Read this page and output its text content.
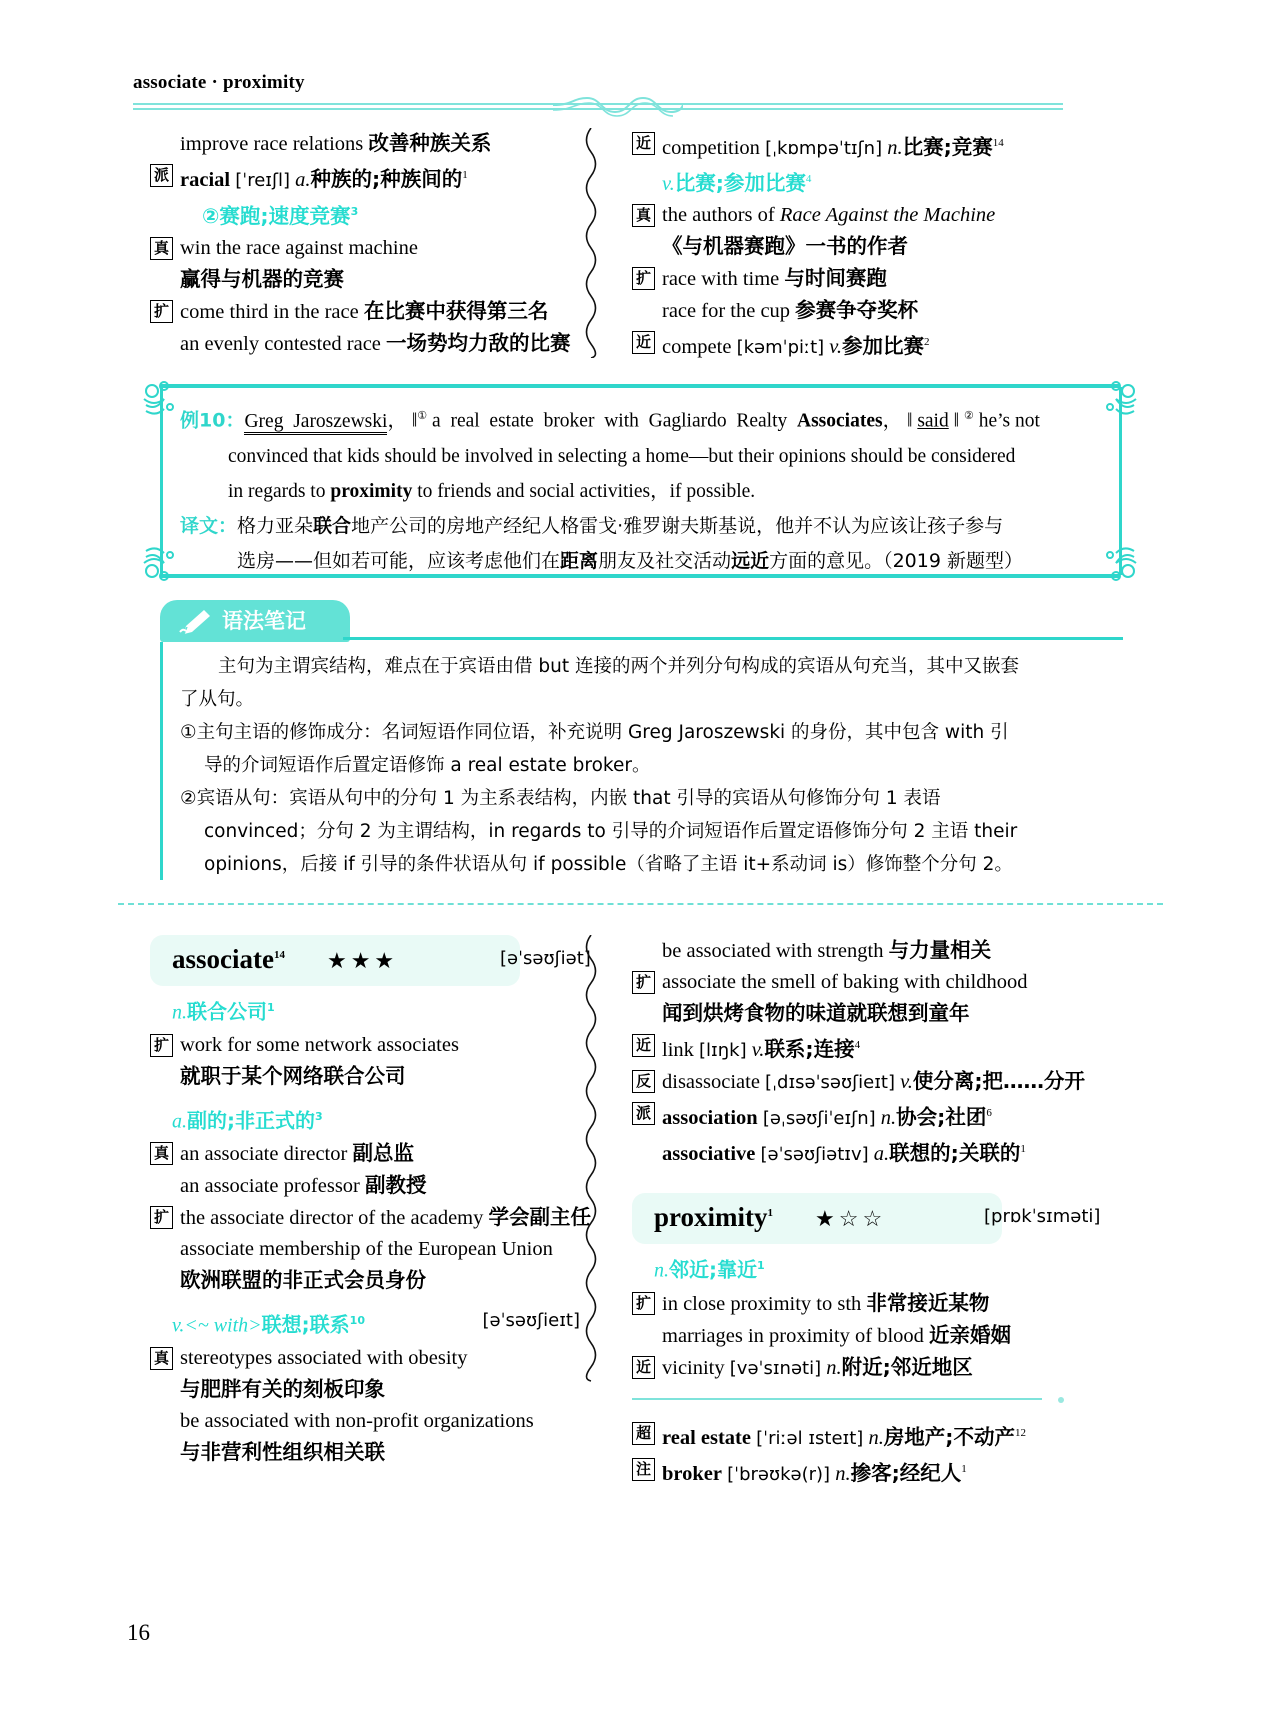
associate · proximity
improve race relations 改善种族关系
派 racial [ˈreɪʃl] a.种族的;种族间的$^1$
②赛跑;速度竞赛$^3$
真 win the race against machine
赢得与机器的竞赛
扩 come third in the race 在比赛中获得第三名
an evenly contested race 一场势均力敌的比赛
近 competition [ˌkɒmpəˈtɪʃn] n.比赛;竞赛$^{14}$
v.比赛;参加比赛$^4$
真 the authors of Race Against the Machine
《与机器赛跑》一书的作者
扩 race with time 与时间赛跑
race for the cup 参赛争夺奖杯
近 compete [kəmˈpiːt] v.参加比赛$^2$
例10：Greg  Jaroszewski， ‖① a  real  estate  broker  with  Gagliardo  Realty  Associates， ‖ said ‖ ② he’s not
convinced that kids should be involved in selecting a home—but their opinions should be considered
in regards to proximity to friends and social activities，if possible.
译文： 格力亚朵联合地产公司的房地产经纪人格雷戈·雅罗谢夫斯基说，他并不认为应该让孩子参与
选房——但如若可能，应该考虑他们在距离朋友及社交活动远近方面的意见。（2019 新题型）
语法笔记
主句为主谓宾结构，难点在于宾语由借 but 连接的两个并列分句构成的宾语从句充当，其中又嵌套
了从句。
①主句主语的修饰成分：名词短语作同位语，补充说明 Greg Jaroszewski 的身份，其中包含 with 引
导的介词短语作后置定语修饰 a real estate broker。
②宾语从句：宾语从句中的分句 1 为主系表结构，内嵌 that 引导的宾语从句修饰分句 1 表语
convinced；分句 2 为主谓结构，in regards to 引导的介词短语作后置定语修饰分句 2 主语 their
opinions，后接 if 引导的条件状语从句 if possible（省略了主语 it+系动词 is）修饰整个分句 2。
associate$^{14}$ ★★★	[əˈsəʊʃiət]
n.联合公司$^1$
扩 work for some network associates
就职于某个网络联合公司
a.副的;非正式的$^3$
真 an associate director 副总监
an associate professor 副教授
扩 the associate director of the academy 学会副主任
associate membership of the European Union
欧洲联盟的非正式会员身份
v.<~ with>联想;联系$^{10}$	[əˈsəʊʃieɪt]
真 stereotypes associated with obesity
与肥胖有关的刻板印象
be associated with non-profit organizations
与非营利性组织相关联
be associated with strength 与力量相关
扩 associate the smell of baking with childhood
闻到烘烤食物的味道就联想到童年
近 link [lɪŋk] v.联系;连接$^4$
反 disassociate [ˌdɪsəˈsəʊʃieɪt] v.使分离;把……分开
派 association [əˌsəʊʃiˈeɪʃn] n.协会;社团$^6$
associative [əˈsəʊʃiətɪv] a.联想的;关联的$^1$
proximity$^1$ ★☆☆	[prɒkˈsɪməti]
n.邻近;靠近$^1$
扩 in close proximity to sth 非常接近某物
marriages in proximity of blood 近亲婚姻
近 vicinity [vəˈsɪnəti] n.附近;邻近地区
超 real estate [ˈriːəl ɪsteɪt] n.房地产;不动产$^{12}$
注 broker [ˈbrəʊkə(r)] n.掺客;经纪人$^1$
16
